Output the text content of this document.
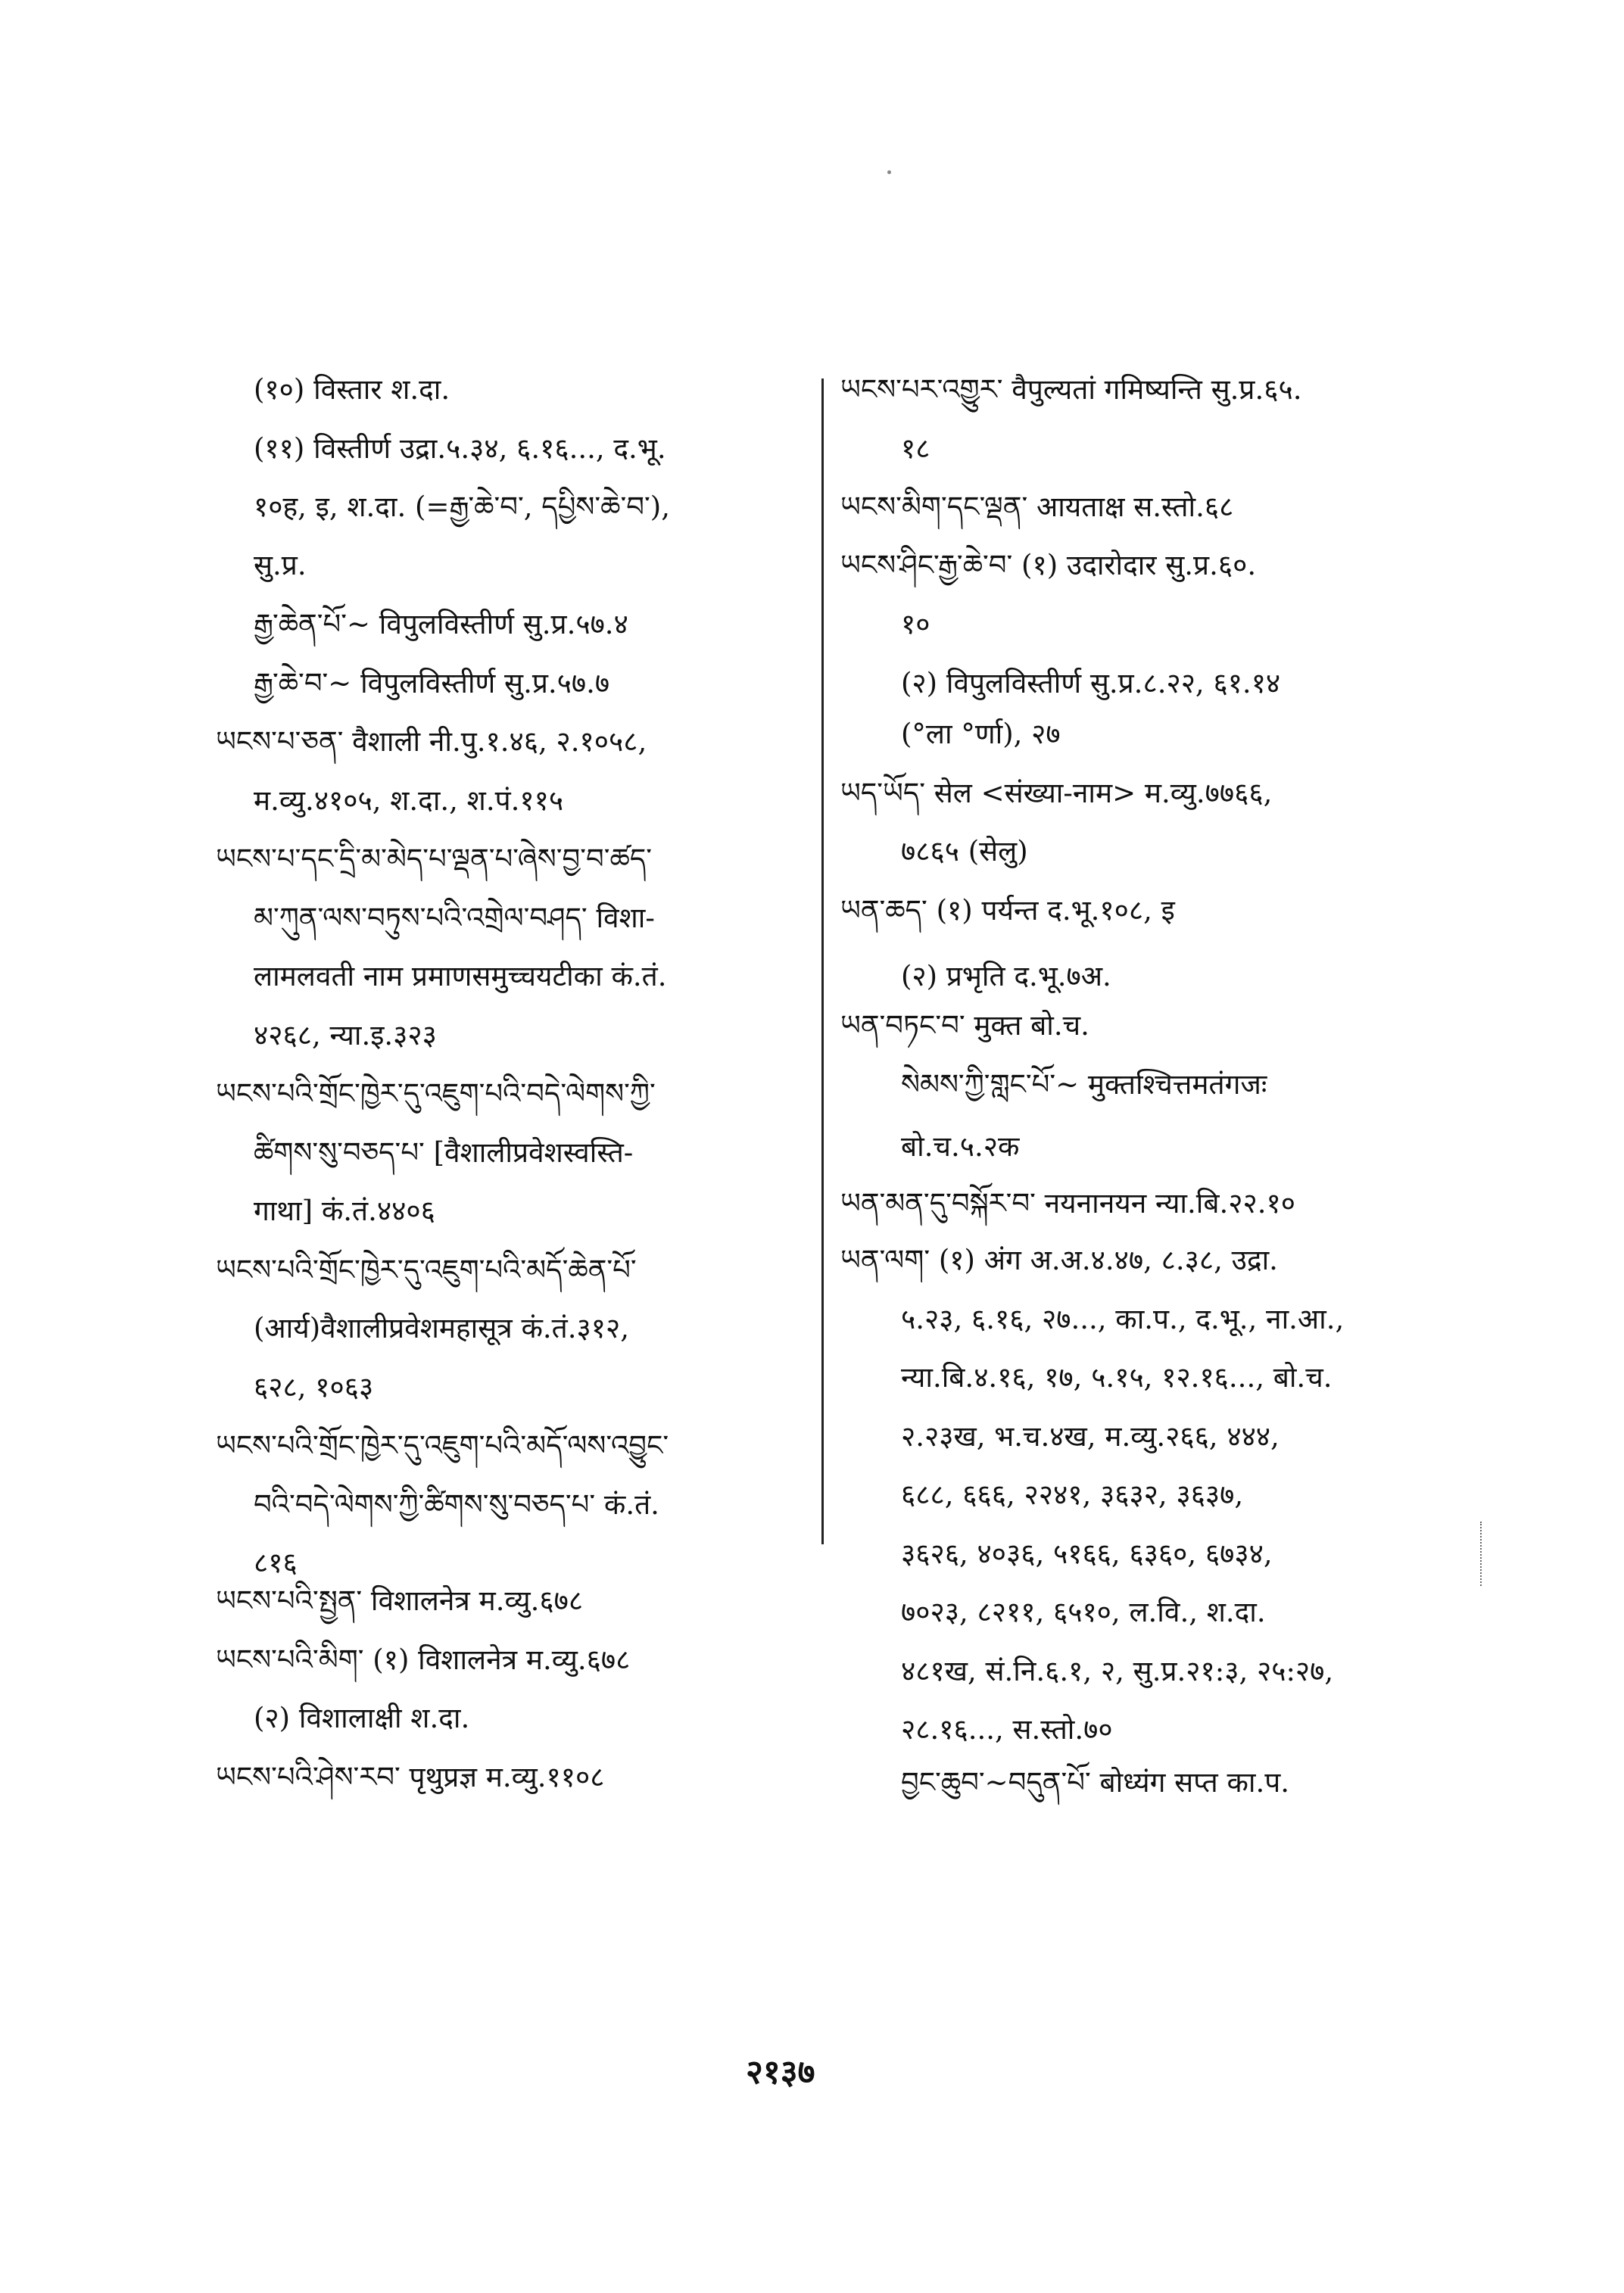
(१०) विस्तार श.दा.
(११) विस्तीर्ण उद्रा.५.३४, ६.१६..., द.भू.
१०ह, इ, श.दा. (=རྒྱ་ཆེ་བ་, དཔྱིས་ཆེ་བ་),
सु.प्र.
རྒྱ་ཆེན་པོ་~ विपुलविस्तीर्ण सु.प्र.५७.४
རྒྱ་ཆེ་བ་~ विपुलविस्तीर्ण सु.प्र.५७.७
ཡངས་པ་ཅན་ वैशाली नी.पु.१.४६, २.१०५८,
म.व्यु.४१०५, श.दा., श.पं.११५
ཡངས་པ་དང་དྲི་མ་མེད་པ་ལྡན་པ་ཞེས་བྱ་བ་ཚད་
མ་ཀུན་ལས་བཏུས་པའི་འགྲེལ་བཤད་ विशा-
लामलवती नाम प्रमाणसमुच्चयटीका कं.तं.
४२६८, न्या.इ.३२३
ཡངས་པའི་གྲོང་ཁྱེར་དུ་འཇུག་པའི་བདེ་ལེགས་ཀྱི་
ཚིགས་སུ་བཅད་པ་ [वैशालीप्रवेशस्वस्ति-
गाथा] कं.तं.४४०६
ཡངས་པའི་གྲོང་ཁྱེར་དུ་འཇུག་པའི་མདོ་ཆེན་པོ་
(आर्य)वैशालीप्रवेशमहासूत्र कं.तं.३१२,
६२८, १०६३
ཡངས་པའི་གྲོང་ཁྱེར་དུ་འཇུག་པའི་མདོ་ལས་འབྱུང་
བའི་བདེ་ལེགས་ཀྱི་ཚིགས་སུ་བཅད་པ་ कं.तं.
८१६
ཡངས་པའི་སྤྱན་ विशालनेत्र म.व्यु.६७८
ཡངས་པའི་མིག་ (१) विशालनेत्र म.व्यु.६७८
(२) विशालाक्षी श.दा.
ཡངས་པའི་ཤེས་རབ་ पृथुप्रज्ञ म.व्यु.११०८
ཡངས་པར་འགྱུར་ वैपुल्यतां गमिष्यन्ति सु.प्र.६५.
१८
ཡངས་མིག་དང་ལྡན་ आयताक्ष स.स्तो.६८
ཡངས་ཤིང་རྒྱ་ཆེ་བ་ (१) उदारोदार सु.प्र.६०.
१०
(२) विपुलविस्तीर्ण सु.प्र.८.२२, ६१.१४
(°ला °र्णा), २७
ཡད་ཡོད་ सेल <संख्या-नाम> म.व्यु.७७६६,
७८६५ (सेलु)
ཡན་ཆད་ (१) पर्यन्त द.भू.१०८, इ
(२) प्रभृति द.भू.७अ.
ཡན་བཏང་བ་ मुक्त बो.च.
སེམས་ཀྱི་གླང་པོ་~ मुक्तश्चित्तमतंगजः
बो.च.५.२क
ཡན་མན་དུ་བསྐོར་བ་ नयनानयन न्या.बि.२२.१०
ཡན་ལག་ (१) अंग अ.अ.४.४७, ८.३८, उद्रा.
५.२३, ६.१६, २७..., का.प., द.भू., ना.आ.,
न्या.बि.४.१६, १७, ५.१५, १२.१६..., बो.च.
२.२३ख, भ.च.४ख, म.व्यु.२६६, ४४४,
६८८, ६६६, २२४१, ३६३२, ३६३७,
३६२६, ४०३६, ५१६६, ६३६०, ६७३४,
७०२३, ८२११, ६५१०, ल.वि., श.दा.
४८१ख, सं.नि.६.१, २, सु.प्र.२१:३, २५:२७,
२८.१६..., स.स्तो.७०
བྱང་ཆུབ་~བདུན་པོ་ बोध्यंग सप्त का.प.
२१३७
